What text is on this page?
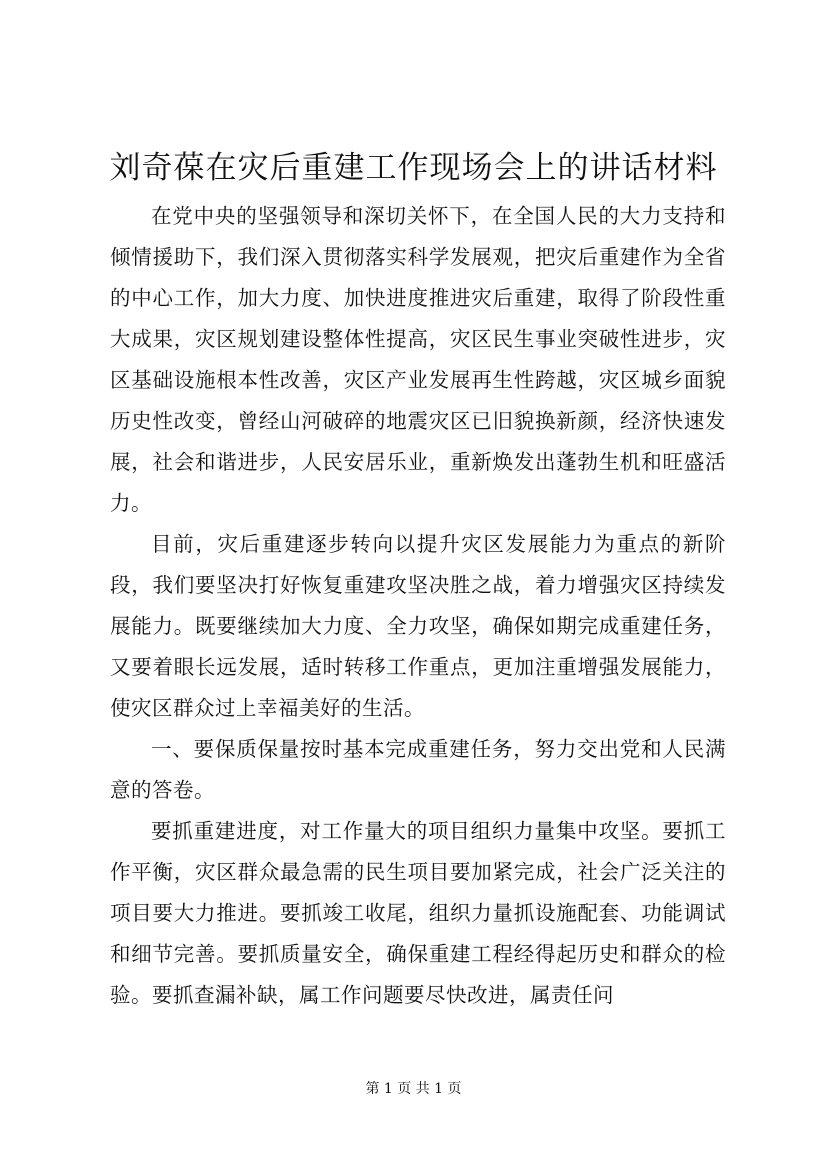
刘奇葆在灾后重建工作现场会上的讲话材料

在党中央的坚强领导和深切关怀下，在全国人民的大力支持和倾情援助下，我们深入贯彻落实科学发展观，把灾后重建作为全省的中心工作，加大力度、加快进度推进灾后重建，取得了阶段性重大成果，灾区规划建设整体性提高，灾区民生事业突破性进步，灾区基础设施根本性改善，灾区产业发展再生性跨越，灾区城乡面貌历史性改变，曾经山河破碎的地震灾区已旧貌换新颜，经济快速发展，社会和谐进步，人民安居乐业，重新焕发出蓬勃生机和旺盛活力。

目前，灾后重建逐步转向以提升灾区发展能力为重点的新阶段，我们要坚决打好恢复重建攻坚决胜之战，着力增强灾区持续发展能力。既要继续加大力度、全力攻坚，确保如期完成重建任务，又要着眼长远发展，适时转移工作重点，更加注重增强发展能力，使灾区群众过上幸福美好的生活。

一、要保质保量按时基本完成重建任务，努力交出党和人民满意的答卷。

要抓重建进度，对工作量大的项目组织力量集中攻坚。要抓工作平衡，灾区群众最急需的民生项目要加紧完成，社会广泛关注的项目要大力推进。要抓竣工收尾，组织力量抓设施配套、功能调试和细节完善。要抓质量安全，确保重建工程经得起历史和群众的检验。要抓查漏补缺，属工作问题要尽快改进，属责任问

第 1 页 共 1 页
